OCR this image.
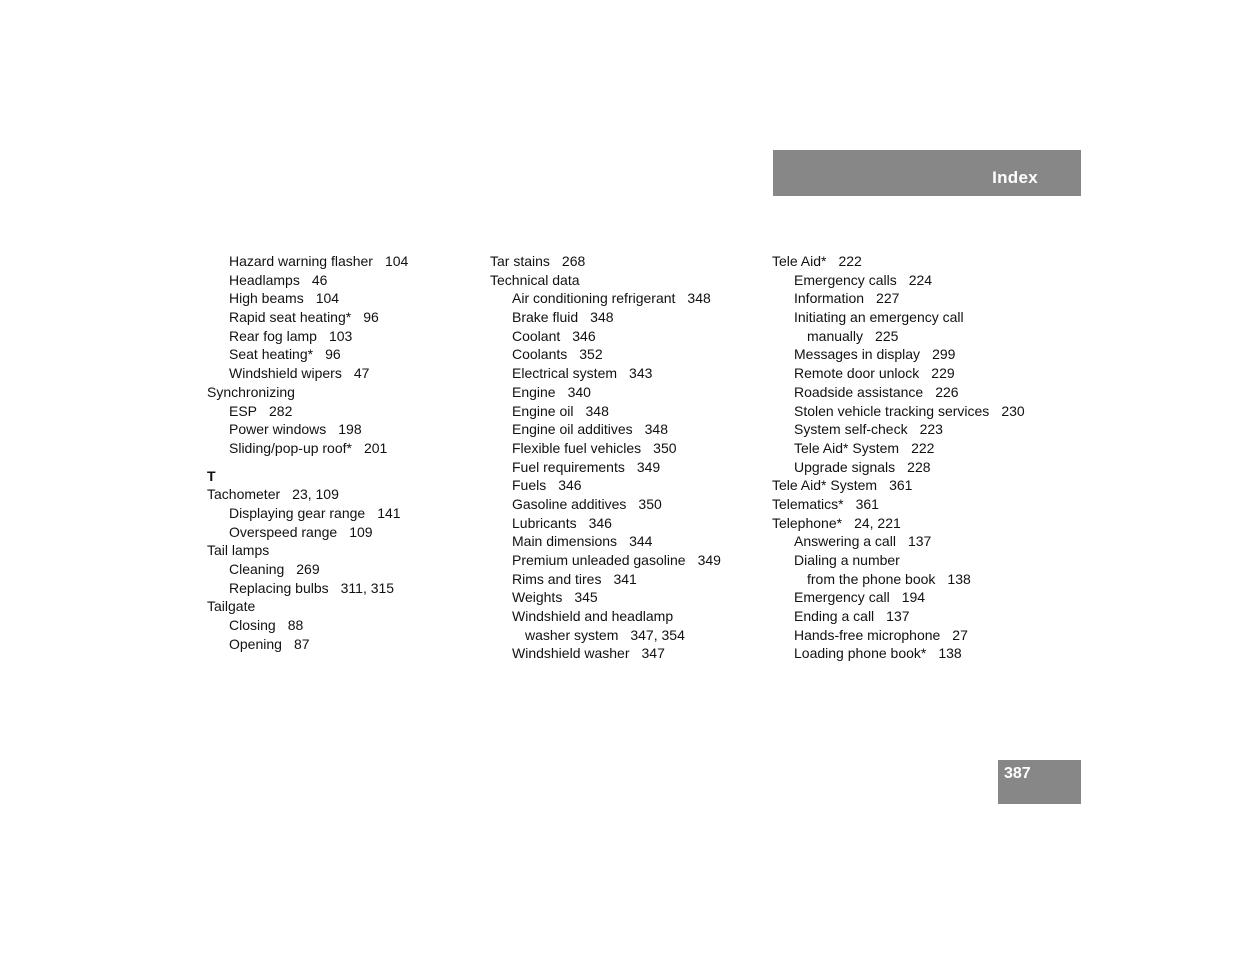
Index
Hazard warning flasher 104
Headlamps 46
High beams 104
Rapid seat heating* 96
Rear fog lamp 103
Seat heating* 96
Windshield wipers 47
Synchronizing
ESP 282
Power windows 198
Sliding/pop-up roof* 201
T
Tachometer 23, 109
Displaying gear range 141
Overspeed range 109
Tail lamps
Cleaning 269
Replacing bulbs 311, 315
Tailgate
Closing 88
Opening 87
Tar stains 268
Technical data
Air conditioning refrigerant 348
Brake fluid 348
Coolant 346
Coolants 352
Electrical system 343
Engine 340
Engine oil 348
Engine oil additives 348
Flexible fuel vehicles 350
Fuel requirements 349
Fuels 346
Gasoline additives 350
Lubricants 346
Main dimensions 344
Premium unleaded gasoline 349
Rims and tires 341
Weights 345
Windshield and headlamp
washer system 347, 354
Windshield washer 347
Tele Aid* 222
Emergency calls 224
Information 227
Initiating an emergency call
manually 225
Messages in display 299
Remote door unlock 229
Roadside assistance 226
Stolen vehicle tracking services 230
System self-check 223
Tele Aid* System 222
Upgrade signals 228
Tele Aid* System 361
Telematics* 361
Telephone* 24, 221
Answering a call 137
Dialing a number
from the phone book 138
Emergency call 194
Ending a call 137
Hands-free microphone 27
Loading phone book* 138
387
